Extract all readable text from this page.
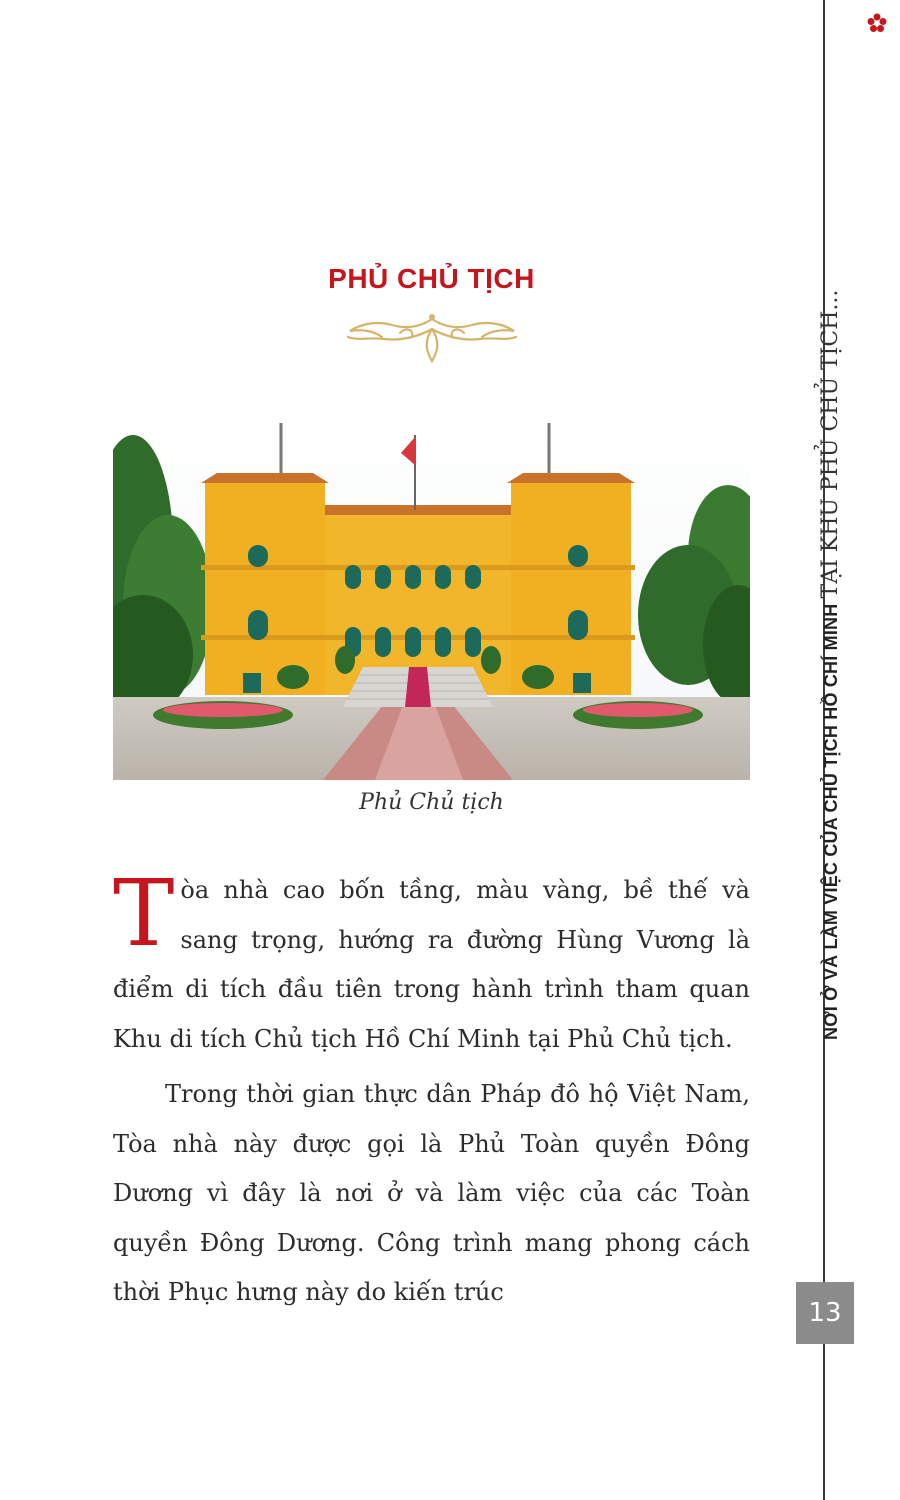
NƠI Ở VÀ LÀM VIỆC CỦA CHỦ TỊCH HỒ CHÍ MINH TẠI KHU PHỦ CHỦ TỊCH...
13
PHỦ CHỦ TỊCH
Phủ Chủ tịch

Tòa nhà cao bốn tầng, màu vàng, bề thế và sang trọng, hướng ra đường Hùng Vương là điểm di tích đầu tiên trong hành trình tham quan Khu di tích Chủ tịch Hồ Chí Minh tại Phủ Chủ tịch.

Trong thời gian thực dân Pháp đô hộ Việt Nam, Tòa nhà này được gọi là Phủ Toàn quyền Đông Dương vì đây là nơi ở và làm việc của các Toàn quyền Đông Dương. Công trình mang phong cách thời Phục hưng này do kiến trúc
